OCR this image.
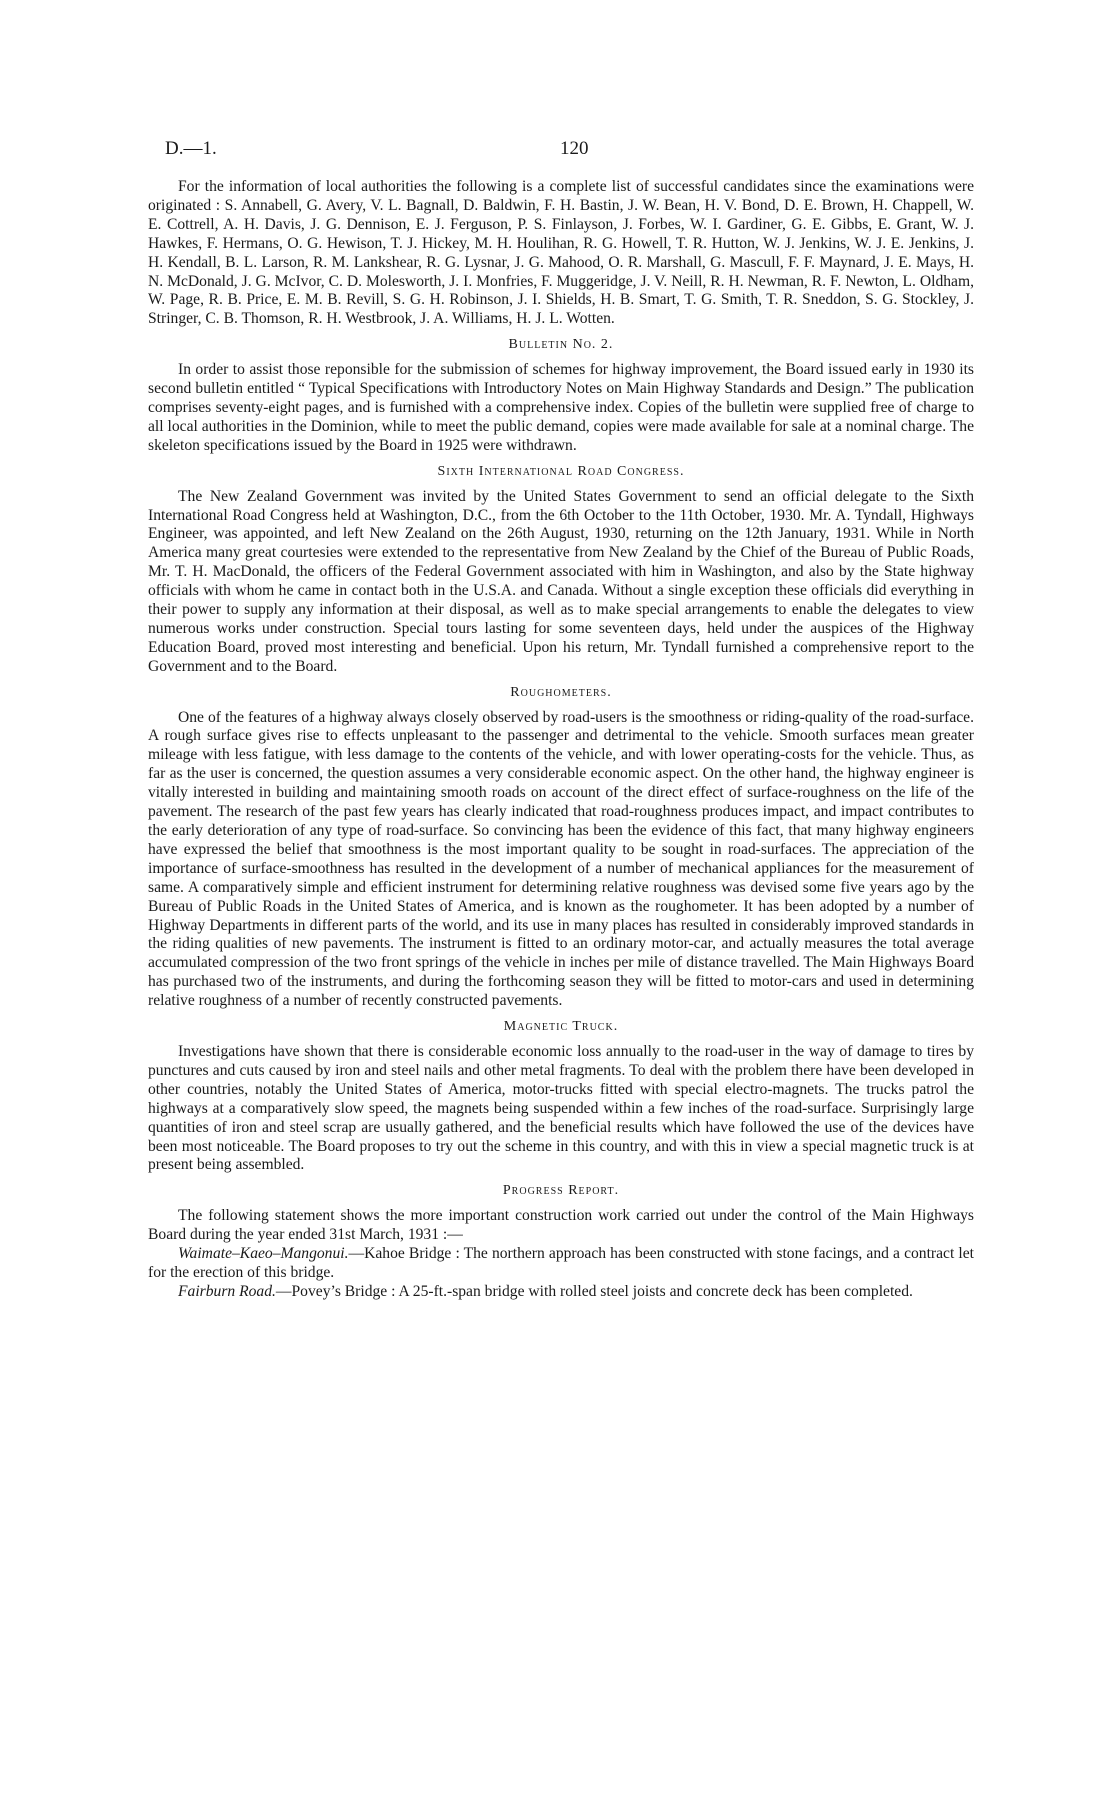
D.—1.	120

For the information of local authorities the following is a complete list of successful candidates since the examinations were originated : S. Annabell, G. Avery, V. L. Bagnall, D. Baldwin, F. H. Bastin, J. W. Bean, H. V. Bond, D. E. Brown, H. Chappell, W. E. Cottrell, A. H. Davis, J. G. Dennison, E. J. Ferguson, P. S. Finlayson, J. Forbes, W. I. Gardiner, G. E. Gibbs, E. Grant, W. J. Hawkes, F. Hermans, O. G. Hewison, T. J. Hickey, M. H. Houlihan, R. G. Howell, T. R. Hutton, W. J. Jenkins, W. J. E. Jenkins, J. H. Kendall, B. L. Larson, R. M. Lankshear, R. G. Lysnar, J. G. Mahood, O. R. Marshall, G. Mascull, F. F. Maynard, J. E. Mays, H. N. McDonald, J. G. McIvor, C. D. Molesworth, J. I. Monfries, F. Muggeridge, J. V. Neill, R. H. Newman, R. F. Newton, L. Oldham, W. Page, R. B. Price, E. M. B. Revill, S. G. H. Robinson, J. I. Shields, H. B. Smart, T. G. Smith, T. R. Sneddon, S. G. Stockley, J. Stringer, C. B. Thomson, R. H. Westbrook, J. A. Williams, H. J. L. Wotten.

Bulletin No. 2.

In order to assist those reponsible for the submission of schemes for highway improvement, the Board issued early in 1930 its second bulletin entitled “ Typical Specifications with Introductory Notes on Main Highway Standards and Design.” The publication comprises seventy-eight pages, and is furnished with a comprehensive index. Copies of the bulletin were supplied free of charge to all local authorities in the Dominion, while to meet the public demand, copies were made available for sale at a nominal charge. The skeleton specifications issued by the Board in 1925 were withdrawn.

Sixth International Road Congress.

The New Zealand Government was invited by the United States Government to send an official delegate to the Sixth International Road Congress held at Washington, D.C., from the 6th October to the 11th October, 1930. Mr. A. Tyndall, Highways Engineer, was appointed, and left New Zealand on the 26th August, 1930, returning on the 12th January, 1931. While in North America many great courtesies were extended to the representative from New Zealand by the Chief of the Bureau of Public Roads, Mr. T. H. MacDonald, the officers of the Federal Government associated with him in Washington, and also by the State highway officials with whom he came in contact both in the U.S.A. and Canada. Without a single exception these officials did everything in their power to supply any information at their disposal, as well as to make special arrangements to enable the delegates to view numerous works under construction. Special tours lasting for some seventeen days, held under the auspices of the Highway Education Board, proved most interesting and beneficial. Upon his return, Mr. Tyndall furnished a comprehensive report to the Government and to the Board.

Roughometers.

One of the features of a highway always closely observed by road-users is the smoothness or riding-quality of the road-surface. A rough surface gives rise to effects unpleasant to the passenger and detrimental to the vehicle. Smooth surfaces mean greater mileage with less fatigue, with less damage to the contents of the vehicle, and with lower operating-costs for the vehicle. Thus, as far as the user is concerned, the question assumes a very considerable economic aspect. On the other hand, the highway engineer is vitally interested in building and maintaining smooth roads on account of the direct effect of surface-roughness on the life of the pavement. The research of the past few years has clearly indicated that road-roughness produces impact, and impact contributes to the early deterioration of any type of road-surface. So convincing has been the evidence of this fact, that many highway engineers have expressed the belief that smoothness is the most important quality to be sought in road-surfaces. The appreciation of the importance of surface-smoothness has resulted in the development of a number of mechanical appliances for the measurement of same. A comparatively simple and efficient instrument for determining relative roughness was devised some five years ago by the Bureau of Public Roads in the United States of America, and is known as the roughometer. It has been adopted by a number of Highway Departments in different parts of the world, and its use in many places has resulted in considerably improved standards in the riding qualities of new pavements. The instrument is fitted to an ordinary motor-car, and actually measures the total average accumulated compression of the two front springs of the vehicle in inches per mile of distance travelled. The Main Highways Board has purchased two of the instruments, and during the forthcoming season they will be fitted to motor-cars and used in determining relative roughness of a number of recently constructed pavements.

Magnetic Truck.

Investigations have shown that there is considerable economic loss annually to the road-user in the way of damage to tires by punctures and cuts caused by iron and steel nails and other metal fragments. To deal with the problem there have been developed in other countries, notably the United States of America, motor-trucks fitted with special electro-magnets. The trucks patrol the highways at a comparatively slow speed, the magnets being suspended within a few inches of the road-surface. Surprisingly large quantities of iron and steel scrap are usually gathered, and the beneficial results which have followed the use of the devices have been most noticeable. The Board proposes to try out the scheme in this country, and with this in view a special magnetic truck is at present being assembled.

Progress Report.

The following statement shows the more important construction work carried out under the control of the Main Highways Board during the year ended 31st March, 1931 :—

Waimate–Kaeo–Mangonui.—Kahoe Bridge : The northern approach has been constructed with stone facings, and a contract let for the erection of this bridge.

Fairburn Road.—Povey’s Bridge : A 25-ft.-span bridge with rolled steel joists and concrete deck has been completed.
